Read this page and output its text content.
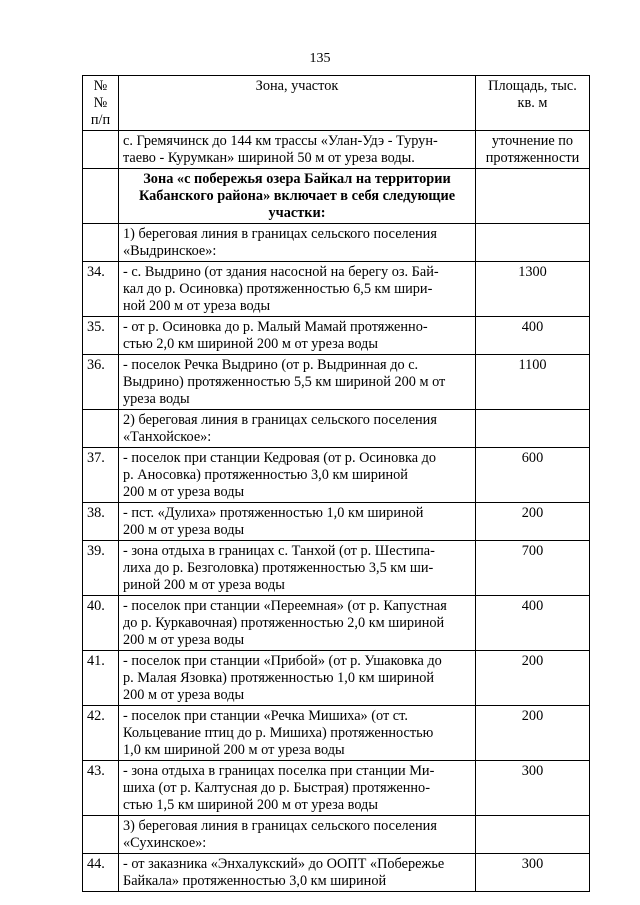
135
№№ п/п	Зона, участок	Площадь, тыс. кв. м
	с. Гремячинск до 144 км трассы «Улан-Удэ - Турун-
таево - Курумкан» шириной 50 м от уреза воды.	уточнение по протяженности
	Зона «с побережья озера Байкал на территории
Кабанского района» включает в себя следующие
участки:	
	1) береговая линия в границах сельского поселения
«Выдринское»:	
34.	- с. Выдрино (от здания насосной на берегу оз. Бай-
кал до р. Осиновка) протяженностью 6,5 км шири-
ной 200 м от уреза воды	1300
35.	- от р. Осиновка до р. Малый Мамай протяженно-
стью 2,0 км шириной 200 м от уреза воды	400
36.	- поселок Речка Выдрино (от р. Выдринная до с.
Выдрино) протяженностью 5,5 км шириной 200 м от
уреза воды	1100
	2) береговая линия в границах сельского поселения
«Танхойское»:	
37.	- поселок при станции Кедровая (от р. Осиновка до
р. Аносовка) протяженностью 3,0 км шириной
200 м от уреза воды	600
38.	- пст. «Дулиха» протяженностью 1,0 км шириной
200 м от уреза воды	200
39.	- зона отдыха в границах с. Танхой (от р. Шестипа-
лиха до р. Безголовка) протяженностью 3,5 км ши-
риной 200 м от уреза воды	700
40.	- поселок при станции «Переемная» (от р. Капустная
до р. Куркавочная) протяженностью 2,0 км шириной
200 м от уреза воды	400
41.	- поселок при станции «Прибой» (от р. Ушаковка до
р. Малая Язовка) протяженностью 1,0 км шириной
200 м от уреза воды	200
42.	- поселок при станции «Речка Мишиха» (от ст.
Кольцевание птиц до р. Мишиха) протяженностью
1,0 км шириной 200 м от уреза воды	200
43.	- зона отдыха в границах поселка при станции Ми-
шиха (от р. Калтусная до р. Быстрая) протяженно-
стью 1,5 км шириной 200 м от уреза воды	300
	3) береговая линия в границах сельского поселения
«Сухинское»:	
44.	- от заказника «Энхалукский» до ООПТ «Побережье
Байкала» протяженностью 3,0 км шириной	300
